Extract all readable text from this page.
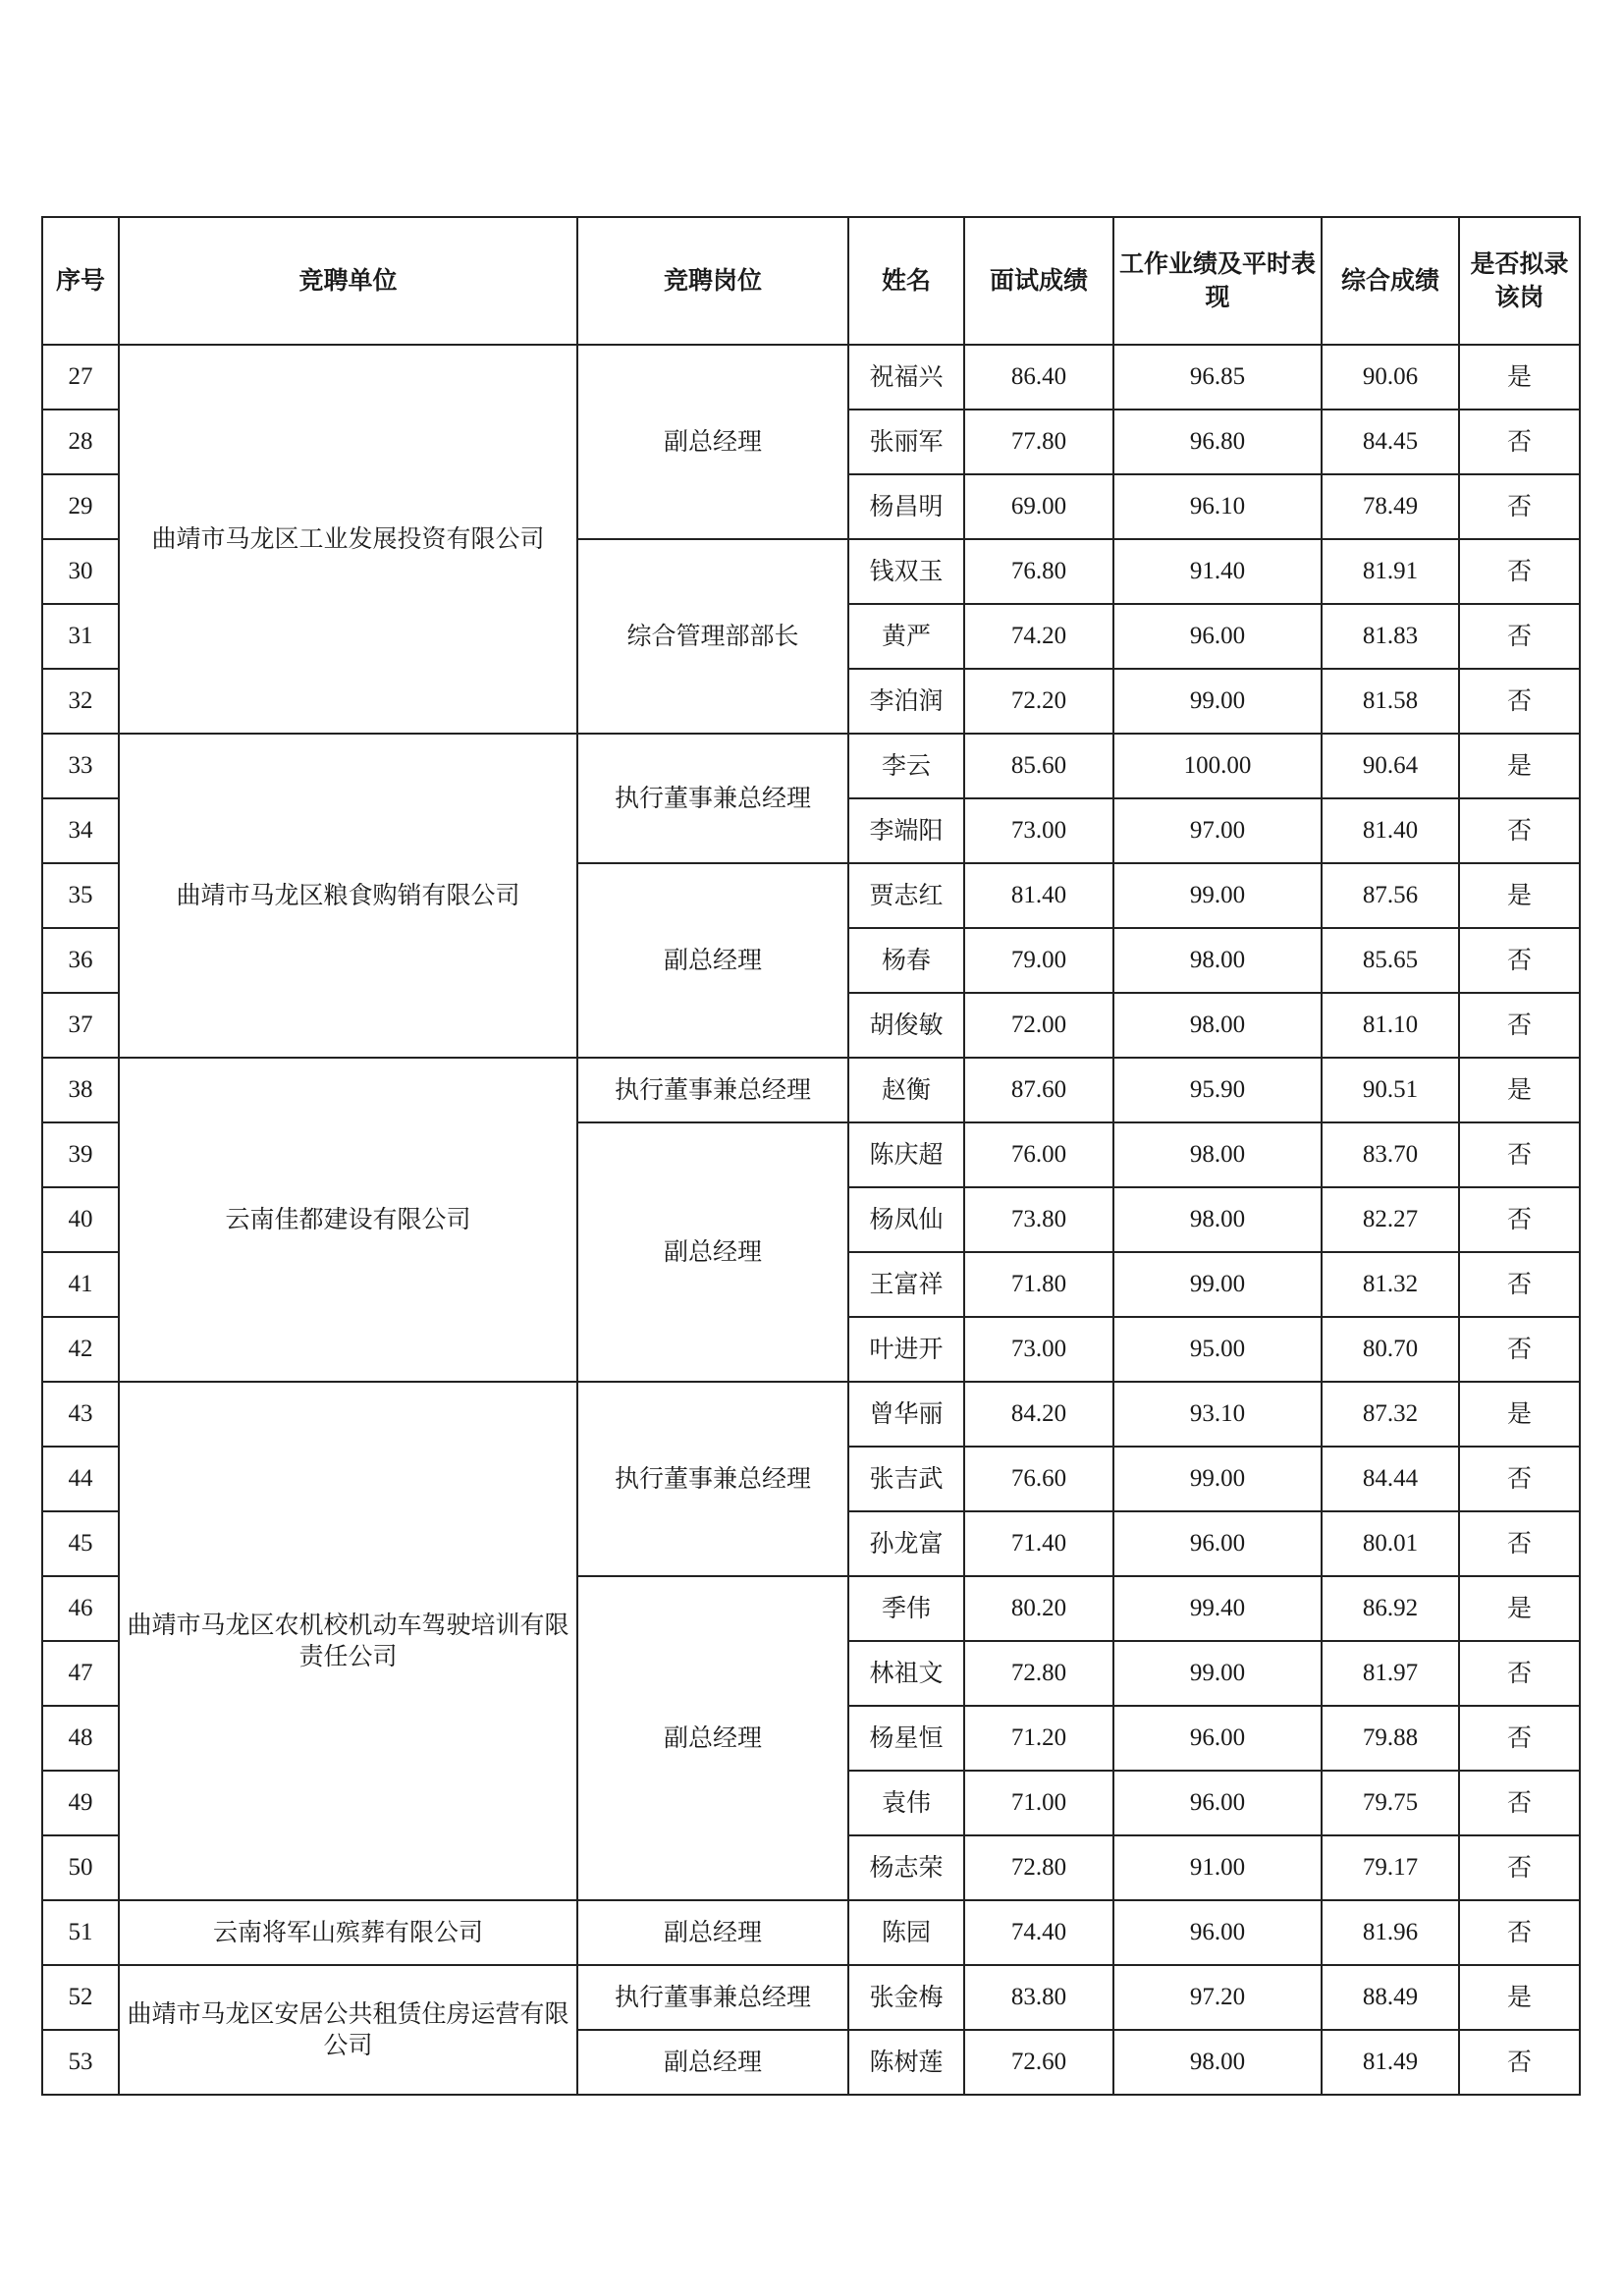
序号	竞聘单位	竞聘岗位	姓名	面试成绩	工作业绩及平时表现	综合成绩	是否拟录该岗
27	曲靖市马龙区工业发展投资有限公司	副总经理	祝福兴	86.40	96.85	90.06	是
28			张丽军	77.80	96.80	84.45	否
29			杨昌明	69.00	96.10	78.49	否
30		综合管理部部长	钱双玉	76.80	91.40	81.91	否
31			黄严	74.20	96.00	81.83	否
32			李泊润	72.20	99.00	81.58	否
33	曲靖市马龙区粮食购销有限公司	执行董事兼总经理	李云	85.60	100.00	90.64	是
34			李端阳	73.00	97.00	81.40	否
35		副总经理	贾志红	81.40	99.00	87.56	是
36			杨春	79.00	98.00	85.65	否
37			胡俊敏	72.00	98.00	81.10	否
38	云南佳都建设有限公司	执行董事兼总经理	赵衡	87.60	95.90	90.51	是
39		副总经理	陈庆超	76.00	98.00	83.70	否
40			杨凤仙	73.80	98.00	82.27	否
41			王富祥	71.80	99.00	81.32	否
42			叶进开	73.00	95.00	80.70	否
43	曲靖市马龙区农机校机动车驾驶培训有限责任公司	执行董事兼总经理	曾华丽	84.20	93.10	87.32	是
44			张吉武	76.60	99.00	84.44	否
45			孙龙富	71.40	96.00	80.01	否
46		副总经理	季伟	80.20	99.40	86.92	是
47			林祖文	72.80	99.00	81.97	否
48			杨星恒	71.20	96.00	79.88	否
49			袁伟	71.00	96.00	79.75	否
50			杨志荣	72.80	91.00	79.17	否
51	云南将军山殡葬有限公司	副总经理	陈园	74.40	96.00	81.96	否
52	曲靖市马龙区安居公共租赁住房运营有限公司	执行董事兼总经理	张金梅	83.80	97.20	88.49	是
53		副总经理	陈树莲	72.60	98.00	81.49	否
